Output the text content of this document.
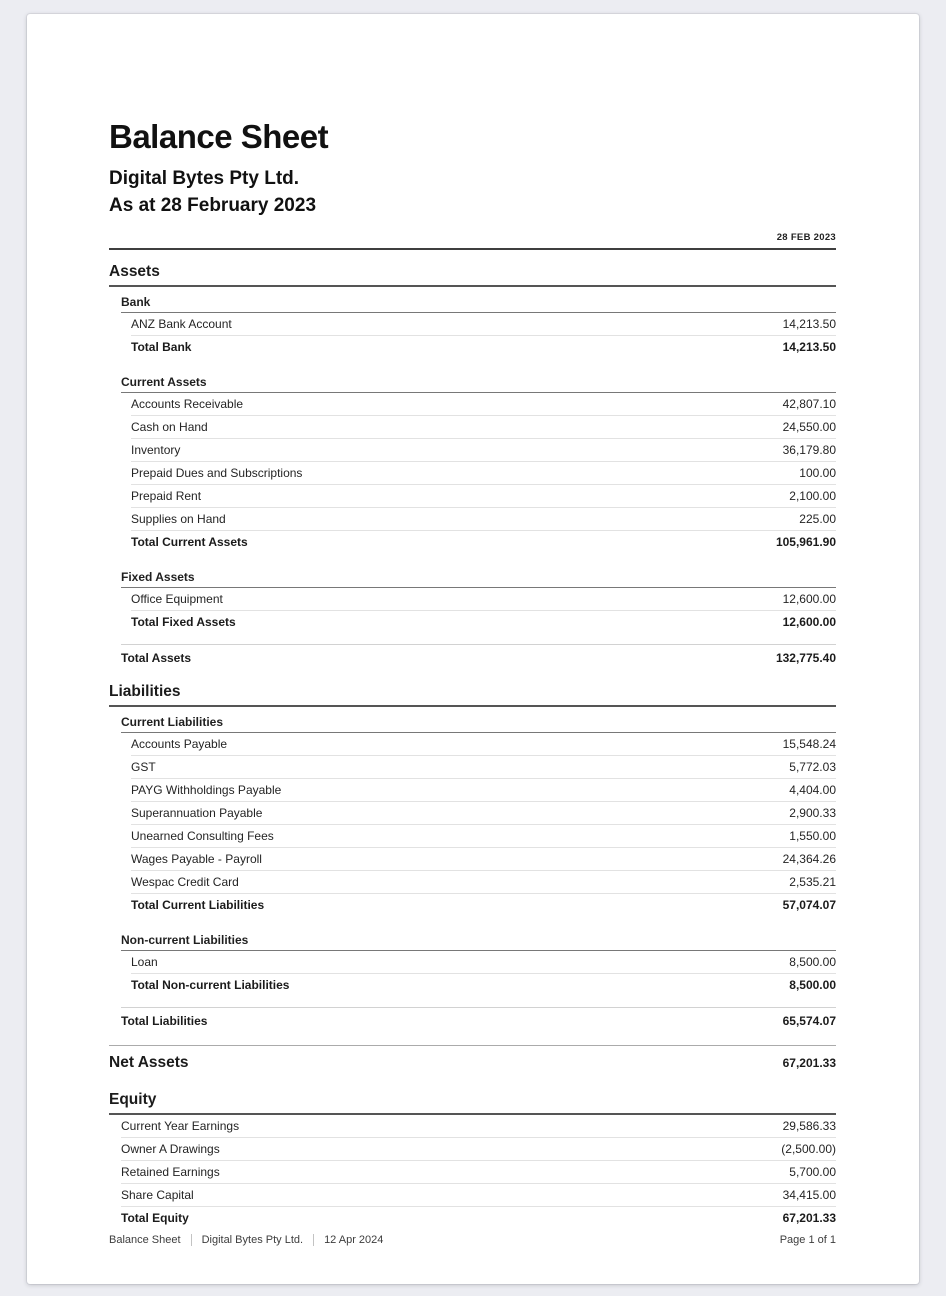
Balance Sheet
Digital Bytes Pty Ltd.
As at 28 February 2023
28 FEB 2023
Assets
Bank
ANZ Bank Account	14,213.50
Total Bank	14,213.50
Current Assets
Accounts Receivable	42,807.10
Cash on Hand	24,550.00
Inventory	36,179.80
Prepaid Dues and Subscriptions	100.00
Prepaid Rent	2,100.00
Supplies on Hand	225.00
Total Current Assets	105,961.90
Fixed Assets
Office Equipment	12,600.00
Total Fixed Assets	12,600.00
Total Assets	132,775.40
Liabilities
Current Liabilities
Accounts Payable	15,548.24
GST	5,772.03
PAYG Withholdings Payable	4,404.00
Superannuation Payable	2,900.33
Unearned Consulting Fees	1,550.00
Wages Payable - Payroll	24,364.26
Wespac Credit Card	2,535.21
Total Current Liabilities	57,074.07
Non-current Liabilities
Loan	8,500.00
Total Non-current Liabilities	8,500.00
Total Liabilities	65,574.07
Net Assets	67,201.33
Equity
Current Year Earnings	29,586.33
Owner A Drawings	(2,500.00)
Retained Earnings	5,700.00
Share Capital	34,415.00
Total Equity	67,201.33
Balance Sheet Digital Bytes Pty Ltd. 12 Apr 2024	Page 1 of 1
